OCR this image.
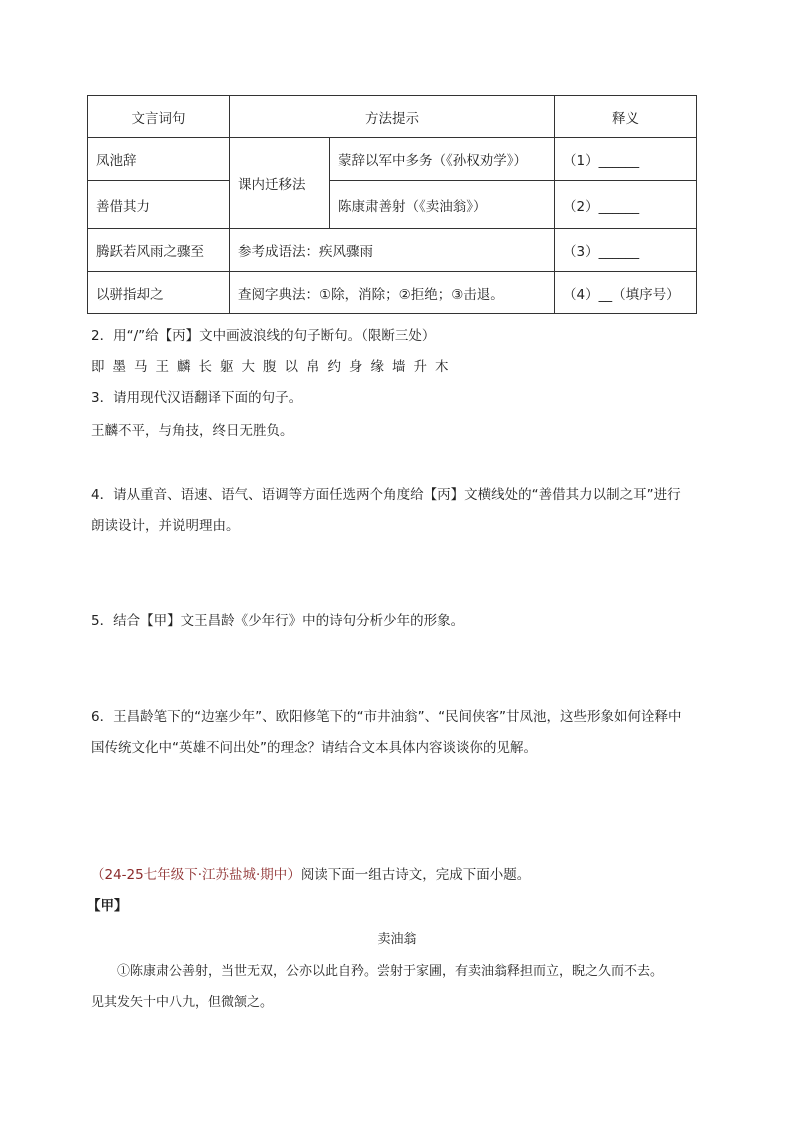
文言词句	方法提示		释义
凤池辞	课内迁移法	蒙辞以军中多务（《孙权劝学》）	（1）______
善借其力		陈康肃善射（《卖油翁》）	（2）______
腾跃若风雨之骤至	参考成语法：疾风骤雨		（3）______
以骈指却之	查阅字典法：①除，消除；②拒绝；③击退。		（4）__（填序号）
2．用“/”给【丙】文中画波浪线的句子断句。（限断三处）
即墨马王麟长躯大腹以帛约身缘墙升木
3．请用现代汉语翻译下面的句子。
王麟不平，与角技，终日无胜负。
4．请从重音、语速、语气、语调等方面任选两个角度给【丙】文横线处的“善借其力以制之耳”进行
朗读设计，并说明理由。
5．结合【甲】文王昌龄《少年行》中的诗句分析少年的形象。
6．王昌龄笔下的“边塞少年”、欧阳修笔下的“市井油翁”、“民间侠客”甘凤池，这些形象如何诠释中
国传统文化中“英雄不问出处”的理念？请结合文本具体内容谈谈你的见解。
（24-25七年级下·江苏盐城·期中）阅读下面一组古诗文，完成下面小题。
【甲】
卖油翁
①陈康肃公善射，当世无双，公亦以此自矜。尝射于家圃，有卖油翁释担而立，睨之久而不去。
见其发矢十中八九，但微颔之。
